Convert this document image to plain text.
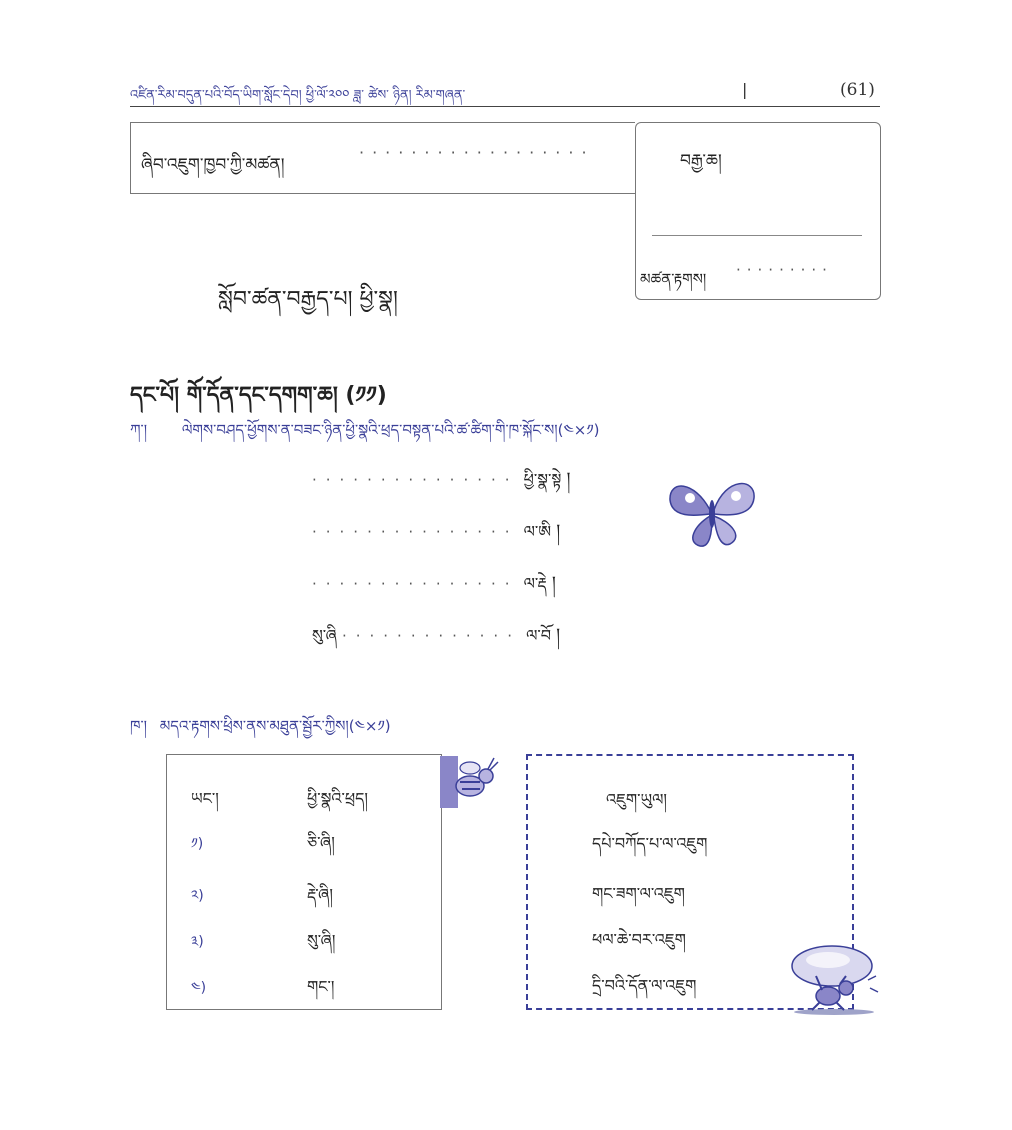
འཛིན་རིམ་བདུན་པའི་བོད་ཡིག་སློང་དེབ། ཕྱི་ལོ་༢༠༠ ཟླ་ ཚེས་ ཉིན། རིམ་གཞན་	|	(61)
ཞིབ་འཇུག་ཁྱབ་ཀྱི་མཚན།
··················	བརྒྱ་ཆ།
མཚན་རྟགས། ·········
སློབ་ཚན་བརྒྱད་པ། ཕྱི་སྣ།
དང་པོ། གོ་དོན་དང་དགག་ཆ། (༡༡)
ཀ་། ལེགས་བཤད་ཕྱོགས་ན་བཟང་ཉིན་ཕྱི་སྣའི་ཕྲད་བསྟན་པའི་ཚ་ཚིག་གི་ཁ་སྐོང་ས།(༤×༡)
··············· ཕྱི་སྣ་སྟེ །
··············· ལ་ཨི །
··············· ལ་རྡེ །
སུ་ཞི ············· ལ་བོ །
ཁ་། མདའ་རྟགས་ཕྲིས་ནས་མཐུན་སྦྱོར་ཀྱིས།(༤×༡)
ཡང་།	ཕྱི་སྣའི་ཕྲད།
༡)	ཅི་ཞི།
༢)	རྡེ་ཞི།
༣)	སུ་ཞི།
༤)	གང་།
འཇུག་ཡུལ།
དཔེ་བཀོད་པ་ལ་འཇུག
གང་ཟག་ལ་འཇུག
ཕལ་ཆེ་བར་འཇུག
དྲི་བའི་དོན་ལ་འཇུག
